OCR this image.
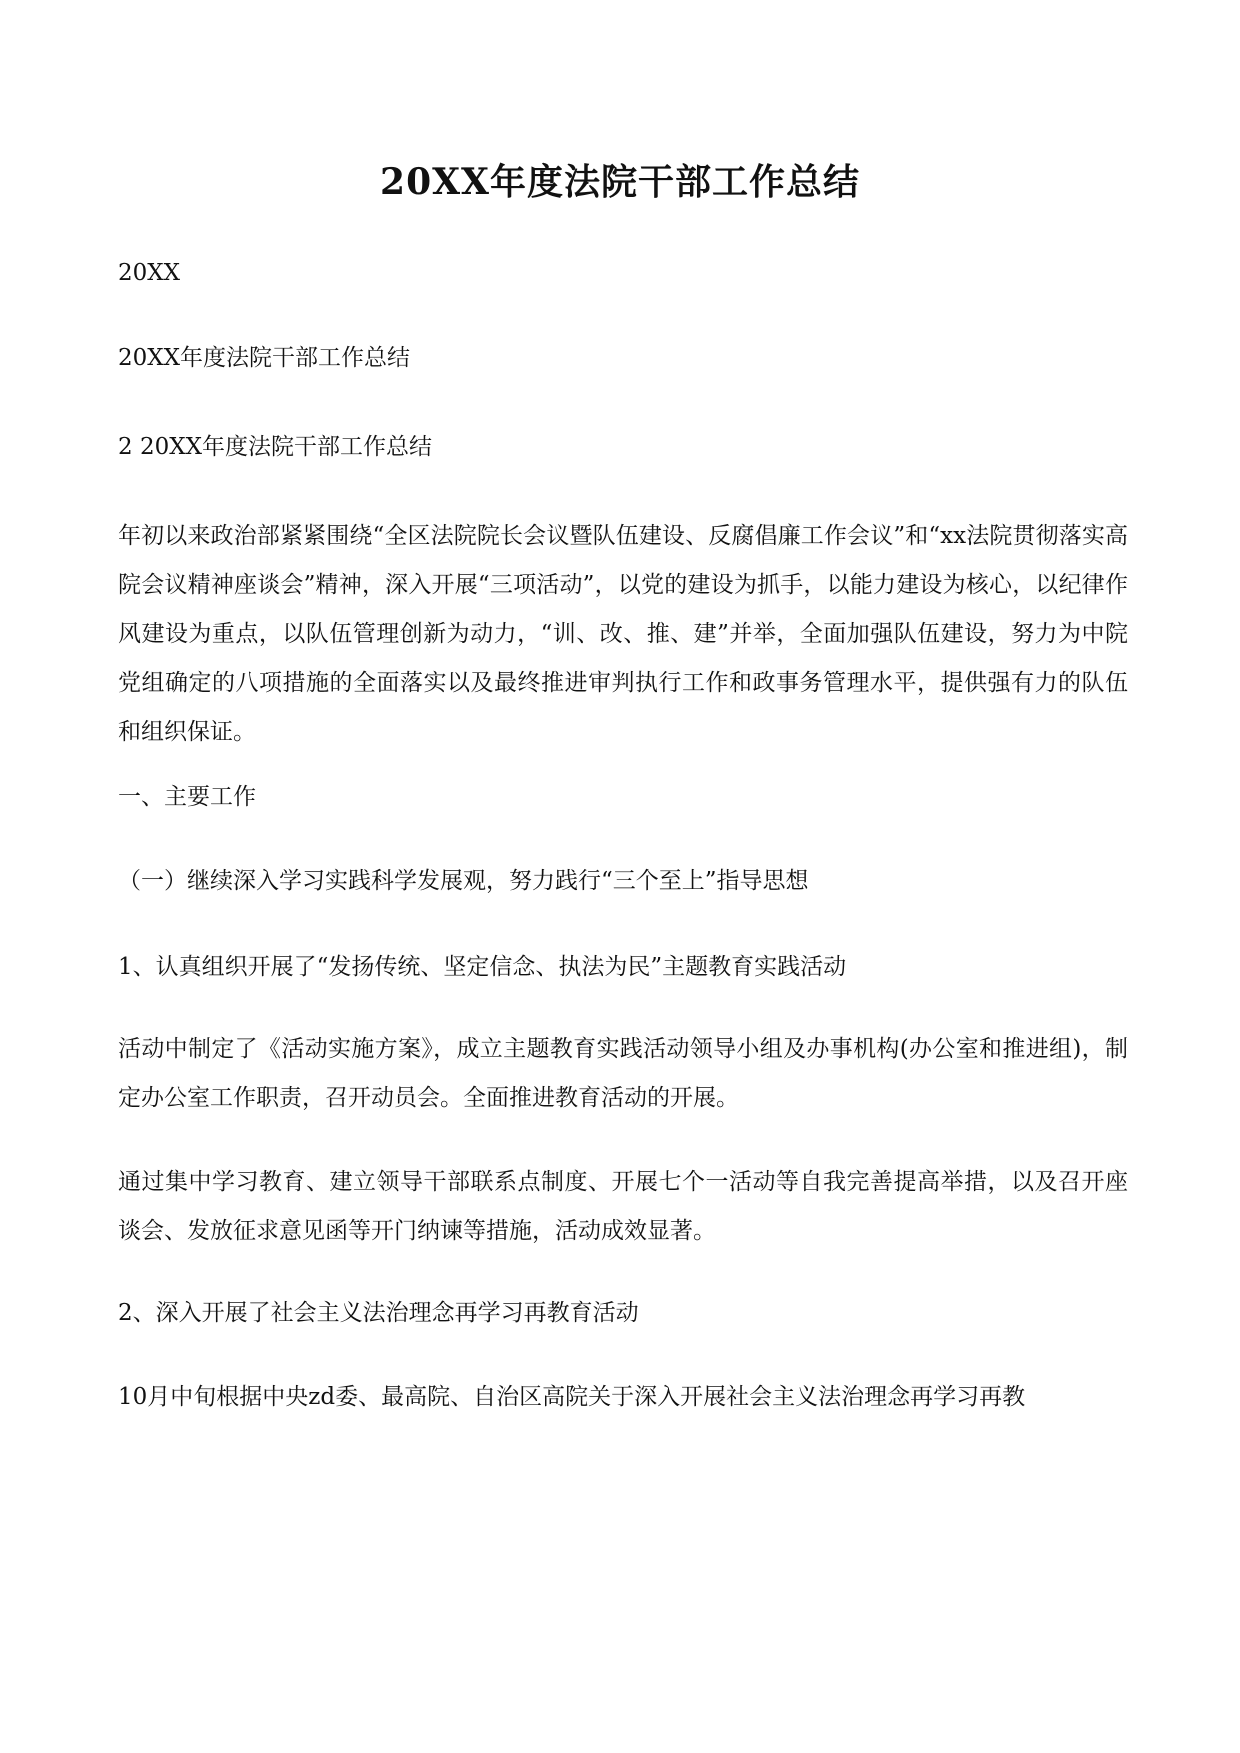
20XX年度法院干部工作总结
20XX
20XX年度法院干部工作总结
2 20XX年度法院干部工作总结
年初以来政治部紧紧围绕“全区法院院长会议暨队伍建设、反腐倡廉工作会议”和“xx法院贯彻落实高院会议精神座谈会”精神，深入开展“三项活动”，以党的建设为抓手，以能力建设为核心，以纪律作风建设为重点，以队伍管理创新为动力，“训、改、推、建”并举，全面加强队伍建设，努力为中院党组确定的八项措施的全面落实以及最终推进审判执行工作和政事务管理水平，提供强有力的队伍和组织保证。
一、主要工作
（一）继续深入学习实践科学发展观，努力践行“三个至上”指导思想
1、认真组织开展了“发扬传统、坚定信念、执法为民”主题教育实践活动
活动中制定了《活动实施方案》，成立主题教育实践活动领导小组及办事机构(办公室和推进组)，制定办公室工作职责，召开动员会。全面推进教育活动的开展。
通过集中学习教育、建立领导干部联系点制度、开展七个一活动等自我完善提高举措，以及召开座谈会、发放征求意见函等开门纳谏等措施，活动成效显著。
2、深入开展了社会主义法治理念再学习再教育活动
10月中旬根据中央zd委、最高院、自治区高院关于深入开展社会主义法治理念再学习再教
